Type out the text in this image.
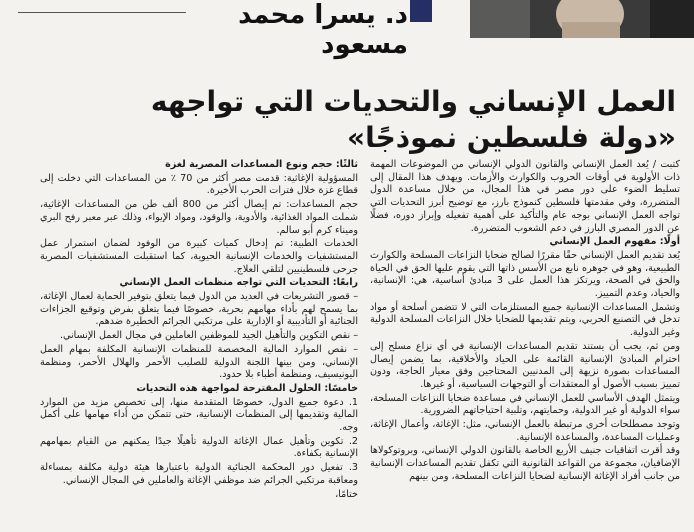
د. يسرا محمد مسعود
العمل الإنساني والتحديات التي تواجهه
«دولة فلسطين نموذجًا»

كتبت / يُعد العمل الإنساني والقانون الدولي الإنساني من الموضوعات المهمة ذات الأولوية في أوقات الحروب والكوارث والأزمات. ويهدف هذا المقال إلى تسليط الضوء على دور مصر في هذا المجال، من خلال مساعدة الدول المتضررة، وفي مقدمتها فلسطين كنموذج بارز، مع توضيح أبرز التحديات التي تواجه العمل الإنساني بوجه عام والتأكيد على أهمية تفعيله وإبراز دوره، فضلًا عن الدور المصري البارز في دعم الشعوب المتضررة.

أولًا: مفهوم العمل الإنساني

يُعد تقديم العمل الإنساني حقًا مقررًا لصالح ضحايا النزاعات المسلحة والكوارث الطبيعية، وهو في جوهره نابع من الأسس ذاتها التي يقوم عليها الحق في الحياة والحق في الصحة، ويرتكز هذا العمل على 3 مبادئ أساسية، هي: الإنسانية، والحياد، وعدم التمييز.

وتشمل المساعدات الإنسانية جميع المستلزمات التي لا تتضمن أسلحة أو مواد تدخل في التصنيع الحربي، ويتم تقديمها للضحايا خلال النزاعات المسلحة الدولية وغير الدولية.

ومن ثم، يجب أن يستند تقديم المساعدات الإنسانية في أي نزاع مسلح إلى احترام المبادئ الإنسانية القائمة على الحياد والأخلاقية، بما يضمن إيصال المساعدات بصورة نزيهة إلى المدنيين المحتاجين وفق معيار الحاجة، ودون تمييز بسبب الأصول أو المعتقدات أو التوجهات السياسية، أو غيرها.

ويتمثل الهدف الأساسي للعمل الإنساني في مساعدة ضحايا النزاعات المسلحة، سواء الدولية أو غير الدولية، وحمايتهم، وتلبية احتياجاتهم الضرورية.

وتوجد مصطلحات أخرى مرتبطة بالعمل الإنساني، مثل: الإغاثة، وأعمال الإغاثة، وعمليات المساعدة، والمساعدة الإنسانية.

وقد أقرت اتفاقيات جنيف الأربع الخاصة بالقانون الدولي الإنساني، وبروتوكولاها الإضافيان، مجموعة من القواعد القانونية التي تكفل تقديم المساعدات الإنسانية من جانب أفراد الإغاثة الإنسانية لضحايا النزاعات المسلحة، ومن بينهم

ثالثًا: حجم ونوع المساعدات المصرية لغزة

المسؤولية الإغاثية: قدمت مصر أكثر من 70 ٪ من المساعدات التي دخلت إلى قطاع غزة خلال فترات الحرب الأخيرة.

حجم المساعدات: تم إيصال أكثر من 800 ألف طن من المساعدات الإغاثية، شملت المواد الغذائية، والأدوية، والوقود، ومواد الإيواء، وذلك عبر معبر رفح البري وميناء كرم أبو سالم.

الخدمات الطبية: تم إدخال كميات كبيرة من الوفود لضمان استمرار عمل المستشفيات والخدمات الإنسانية الحيوية، كما استقبلت المستشفيات المصرية جرحى فلسطينيين لتلقي العلاج.

رابعًا: التحديات التي تواجه منظمات العمل الإنساني

– قصور التشريعات في العديد من الدول فيما يتعلق بتوفير الحماية لعمال الإغاثة، بما يسمح لهم بأداء مهامهم بحرية، خصوصًا فيما يتعلق بفرض وتوقيع الجزاءات الجنائية أو التأديبية أو الإدارية على مرتكبي الجرائم الخطيرة ضدهم.

– نقص التكوين والتأهيل الجيد للموظفين العاملين في مجال العمل الإنساني.

– نقص الموارد المالية المخصصة للمنظمات الإنسانية المكلفة بمهام العمل الإنساني، ومن بينها اللجنة الدولية للصليب الأحمر والهلال الأحمر، ومنظمة اليونيسيف، ومنظمة أطباء بلا حدود.

خامسًا: الحلول المقترحة لمواجهة هذه التحديات

1. دعوة جميع الدول، خصوصًا المتقدمة منها، إلى تخصيص مزيد من الموارد المالية وتقديمها إلى المنظمات الإنسانية، حتى تتمكن من أداء مهامها على أكمل وجه.

2. تكوين وتأهيل عمال الإغاثة الدولية تأهيلًا جيدًا يمكنهم من القيام بمهامهم الإنسانية بكفاءة.

3. تفعيل دور المحكمة الجنائية الدولية باعتبارها هيئة دولية مكلفة بمساءلة ومعاقبة مرتكبي الجرائم ضد موظفي الإغاثة والعاملين في المجال الإنساني.

ختامًا،
